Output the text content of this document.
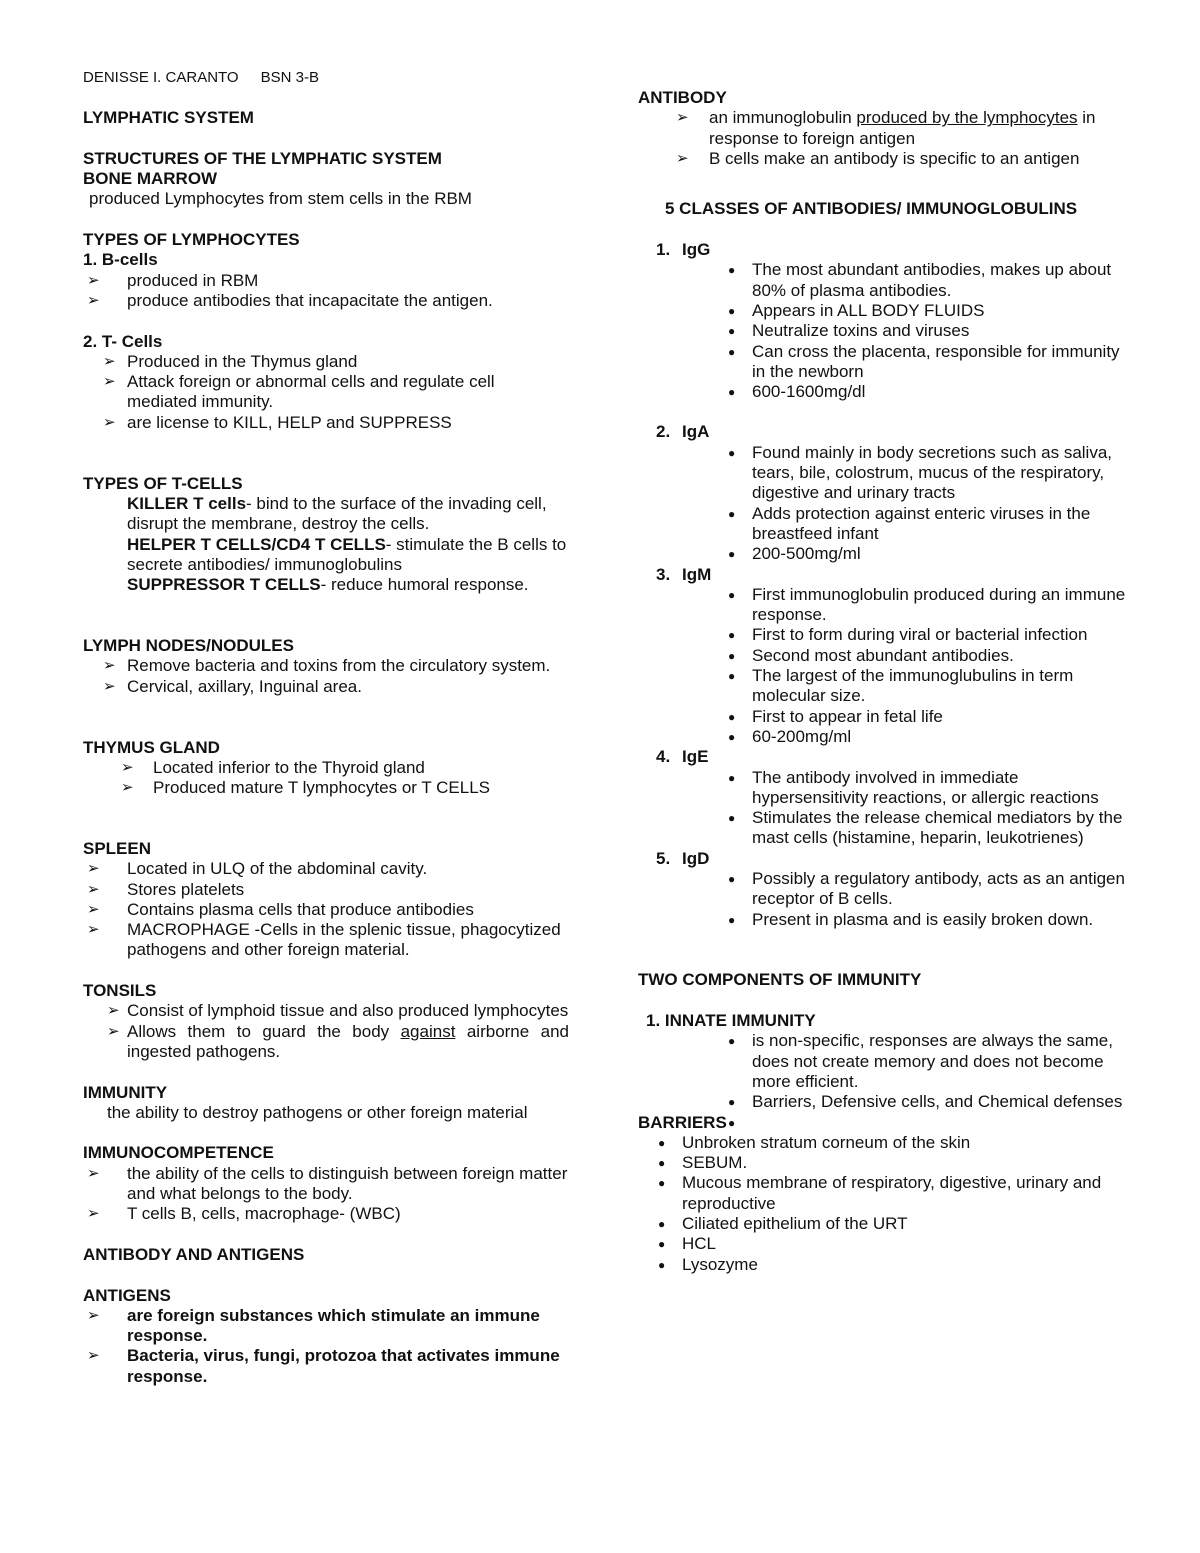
DENISSE I. CARANTO BSN 3-B

LYMPHATIC SYSTEM

STRUCTURES OF THE LYMPHATIC SYSTEM

BONE MARROW

produced Lymphocytes from stem cells in the RBM

TYPES OF LYMPHOCYTES

1. B-cells

➢ produced in RBM
➢ produce antibodies that incapacitate the antigen.

2. T- Cells

➢ Produced in the Thymus gland
➢ Attack foreign or abnormal cells and regulate cell mediated immunity.
➢ are license to KILL, HELP and SUPPRESS

TYPES OF T-CELLS

KILLER T cells- bind to the surface of the invading cell, disrupt the membrane, destroy the cells.

HELPER T CELLS/CD4 T CELLS- stimulate the B cells to secrete antibodies/ immunoglobulins

SUPPRESSOR T CELLS- reduce humoral response.

LYMPH NODES/NODULES

➢ Remove bacteria and toxins from the circulatory system.
➢ Cervical, axillary, Inguinal area.

THYMUS GLAND

➢ Located inferior to the Thyroid gland
➢ Produced mature T lymphocytes or T CELLS

SPLEEN

➢ Located in ULQ of the abdominal cavity.
➢ Stores platelets
➢ Contains plasma cells that produce antibodies
➢ MACROPHAGE -Cells in the splenic tissue, phagocytized pathogens and other foreign material.

TONSILS

➢ Consist of lymphoid tissue and also produced lymphocytes
➢ Allows them to guard the body against airborne and ingested pathogens.

IMMUNITY

the ability to destroy pathogens or other foreign material

IMMUNOCOMPETENCE

➢ the ability of the cells to distinguish between foreign matter and what belongs to the body.
➢ T cells B, cells, macrophage- (WBC)

ANTIBODY AND ANTIGENS

ANTIGENS

➢ are foreign substances which stimulate an immune response.
➢ Bacteria, virus, fungi, protozoa that activates immune response.

ANTIBODY

➢ an immunoglobulin produced by the lymphocytes in response to foreign antigen
➢ B cells make an antibody is specific to an antigen

5 CLASSES OF ANTIBODIES/ IMMUNOGLOBULINS

1. IgG

● The most abundant antibodies, makes up about 80% of plasma antibodies.
● Appears in ALL BODY FLUIDS
● Neutralize toxins and viruses
● Can cross the placenta, responsible for immunity in the newborn
● 600-1600mg/dl

2. IgA

● Found mainly in body secretions such as saliva, tears, bile, colostrum, mucus of the respiratory, digestive and urinary tracts
● Adds protection against enteric viruses in the breastfeed infant
● 200-500mg/ml

3. IgM

● First immunoglobulin produced during an immune response.
● First to form during viral or bacterial infection
● Second most abundant antibodies.
● The largest of the immunoglubulins in term molecular size.
● First to appear in fetal life
● 60-200mg/ml

4. IgE

● The antibody involved in immediate hypersensitivity reactions, or allergic reactions
● Stimulates the release chemical mediators by the mast cells (histamine, heparin, leukotrienes)

5. IgD

● Possibly a regulatory antibody, acts as an antigen receptor of B cells.
● Present in plasma and is easily broken down.

TWO COMPONENTS OF IMMUNITY

1. INNATE IMMUNITY

● is non-specific, responses are always the same, does not create memory and does not become more efficient.
● Barriers, Defensive cells, and Chemical defenses
●

BARRIERS

● Unbroken stratum corneum of the skin
● SEBUM.
● Mucous membrane of respiratory, digestive, urinary and reproductive
● Ciliated epithelium of the URT
● HCL
● Lysozyme
